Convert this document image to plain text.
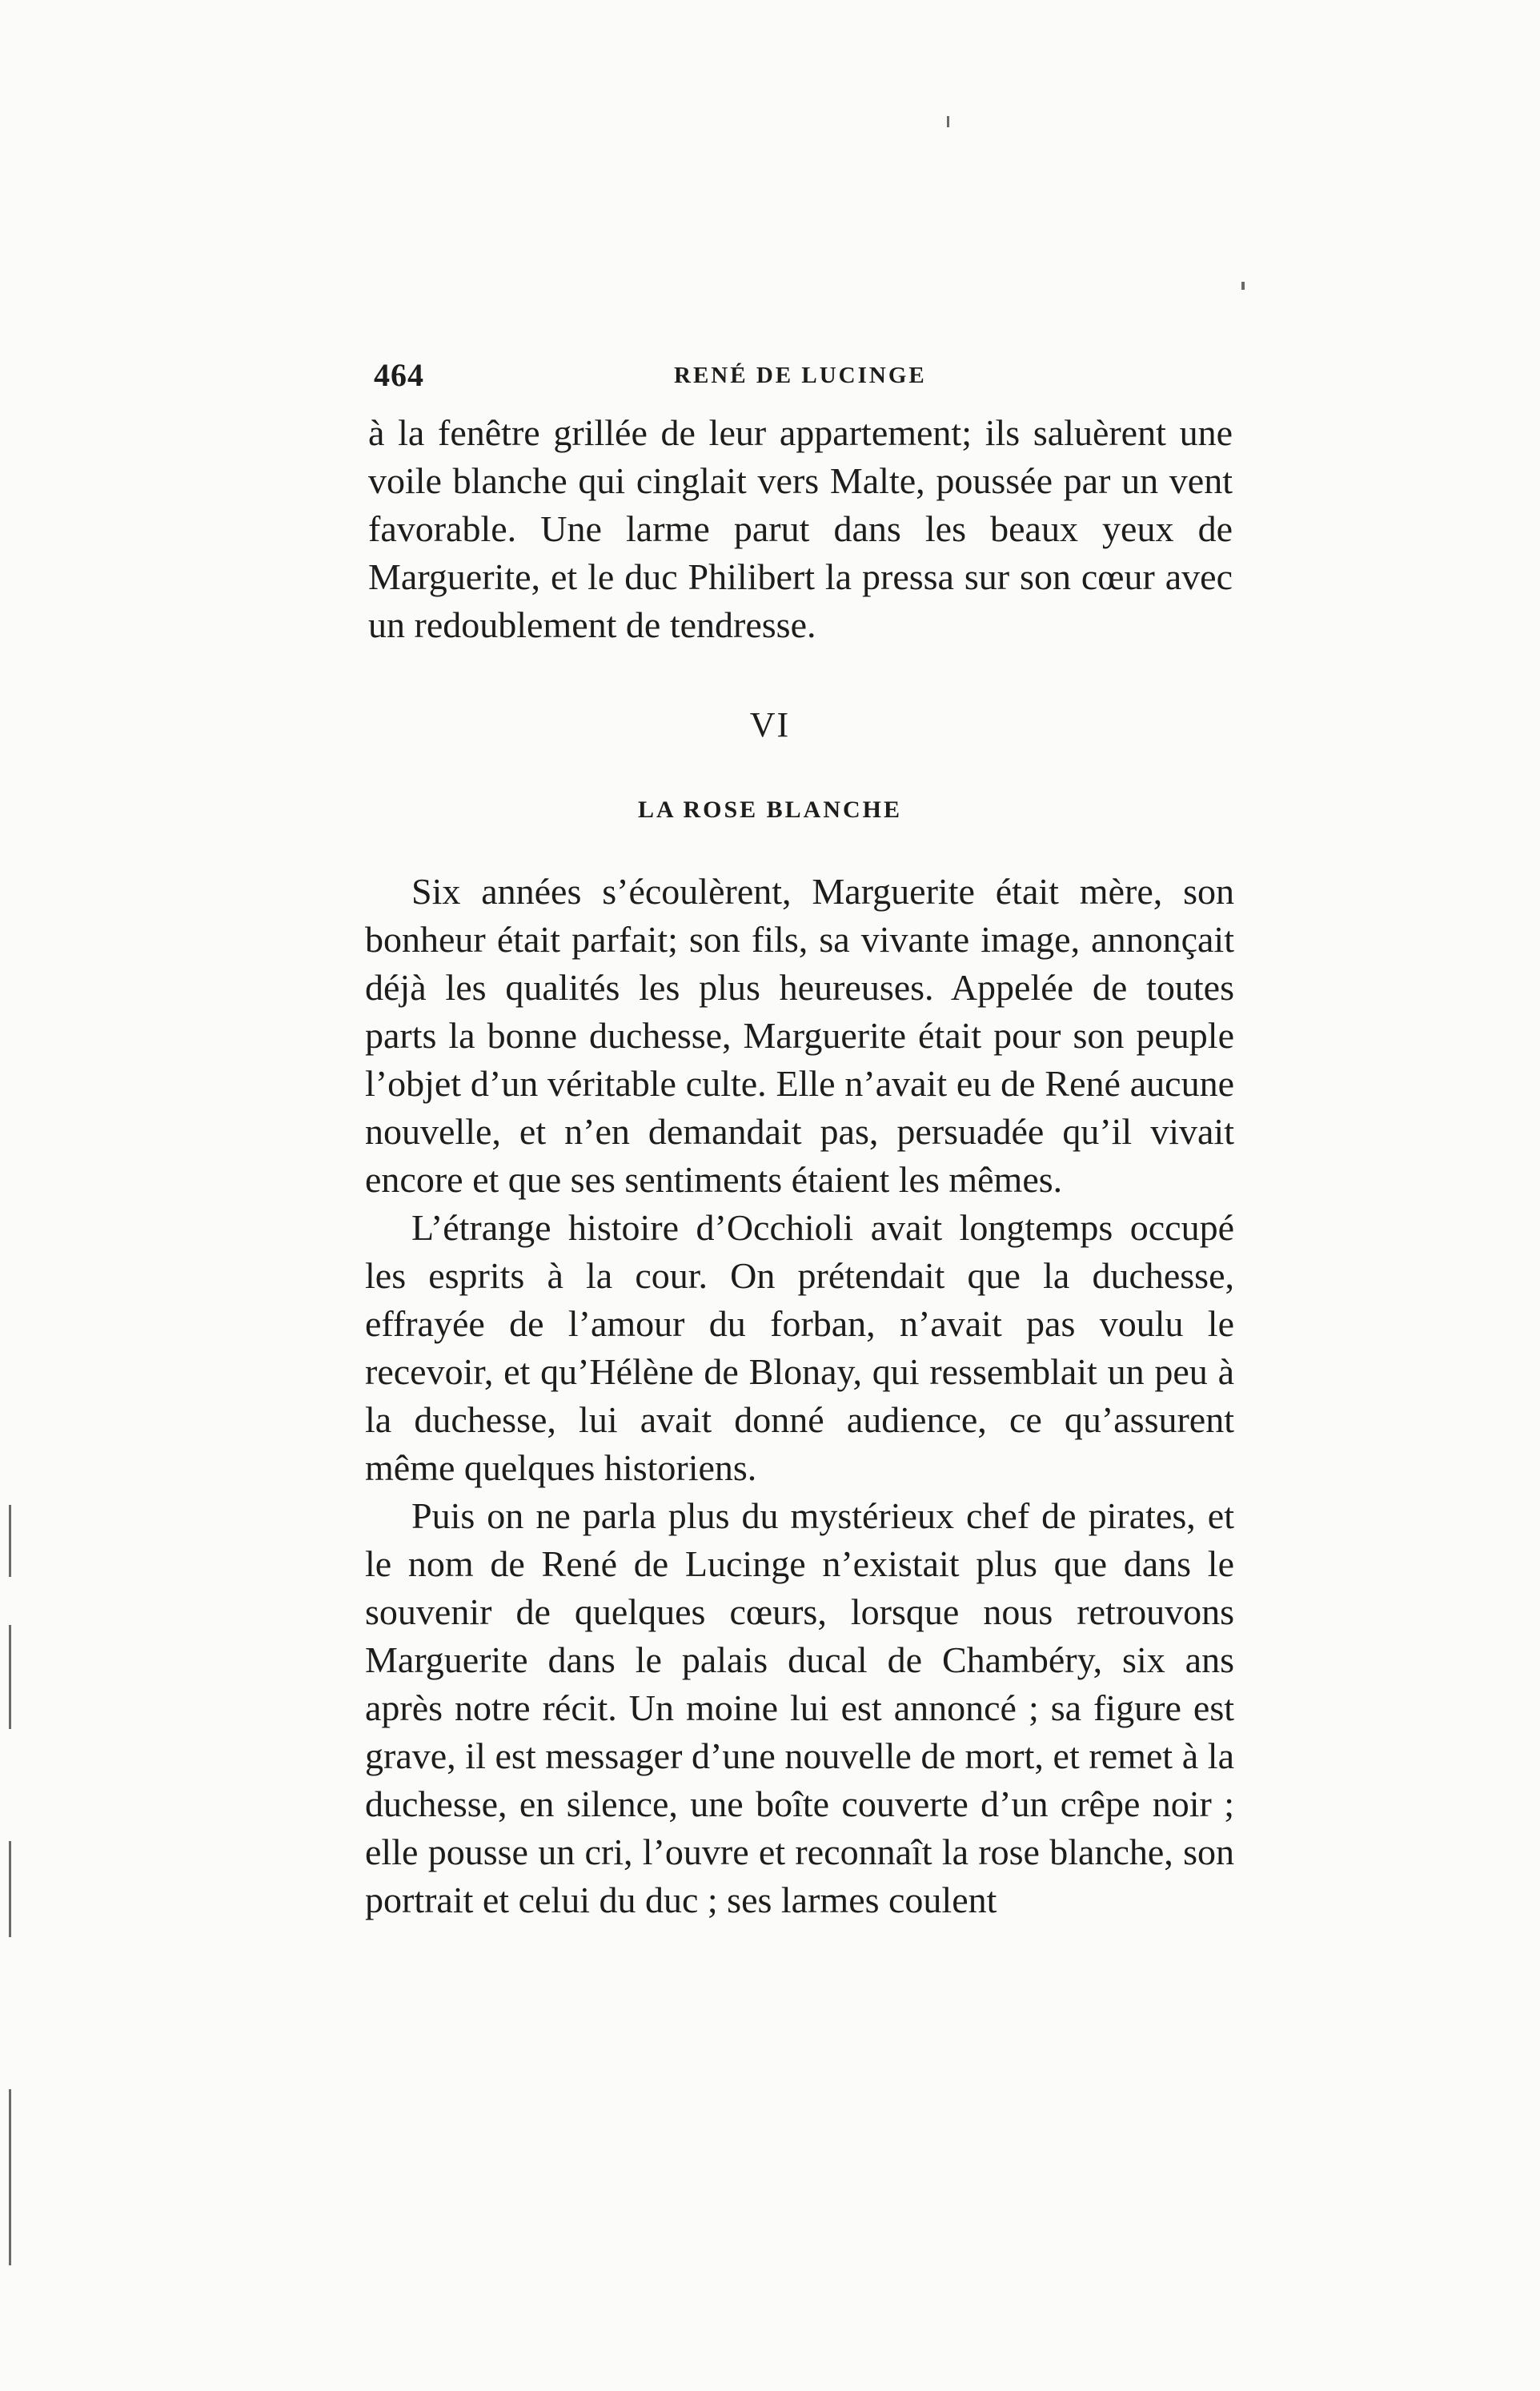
464	RENÉ DE LUCINGE

à la fenêtre grillée de leur appartement; ils saluèrent une voile blanche qui cinglait vers Malte, poussée par un vent favorable. Une larme parut dans les beaux yeux de Marguerite, et le duc Philibert la pressa sur son cœur avec un redoublement de tendresse.

VI
LA ROSE BLANCHE

Six années s’écoulèrent, Marguerite était mère, son bonheur était parfait; son fils, sa vivante image, annonçait déjà les qualités les plus heureuses. Appelée de toutes parts la bonne duchesse, Marguerite était pour son peuple l’objet d’un véritable culte. Elle n’avait eu de René aucune nouvelle, et n’en demandait pas, persuadée qu’il vivait encore et que ses sentiments étaient les mêmes.

L’étrange histoire d’Occhioli avait longtemps occupé les esprits à la cour. On prétendait que la duchesse, effrayée de l’amour du forban, n’avait pas voulu le recevoir, et qu’Hélène de Blonay, qui ressemblait un peu à la duchesse, lui avait donné audience, ce qu’assurent même quelques historiens.

Puis on ne parla plus du mystérieux chef de pirates, et le nom de René de Lucinge n’existait plus que dans le souvenir de quelques cœurs, lorsque nous retrouvons Marguerite dans le palais ducal de Chambéry, six ans après notre récit. Un moine lui est annoncé ; sa figure est grave, il est messager d’une nouvelle de mort, et remet à la duchesse, en silence, une boîte couverte d’un crêpe noir ; elle pousse un cri, l’ouvre et reconnaît la rose blanche, son portrait et celui du duc ; ses larmes coulent
